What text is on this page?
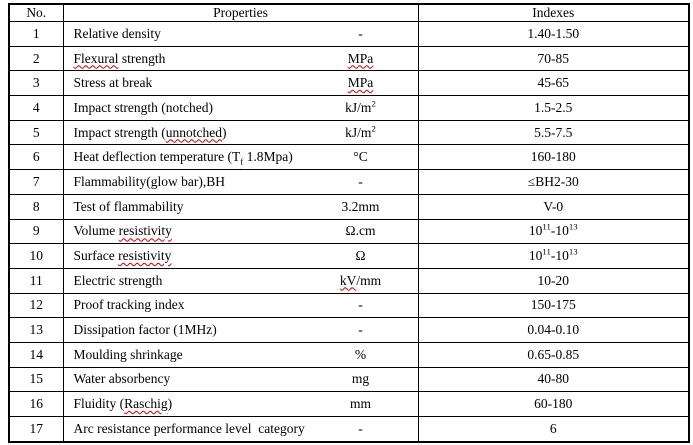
No.	Properties	Indexes
1	Relative density -	1.40-1.50
2	Flexural strength MPa	70-85
3	Stress at break MPa	45-65
4	Impact strength (notched) $kJ/m^2$	1.5-2.5
5	Impact strength (unnotched) $kJ/m^2$	5.5-7.5
6	Heat deflection temperature ($T_f$ 1.8Mpa) °C	160-180
7	Flammability(glow bar),BH -	≤BH2-30
8	Test of flammability 3.2mm	V-0
9	Volume resistivity Ω.cm	$10^{11}-10^{13}$
10	Surface resistivity Ω	$10^{11}-10^{13}$
11	Electric strength kV/mm	10-20
12	Proof tracking index -	150-175
13	Dissipation factor (1MHz) -	0.04-0.10
14	Moulding shrinkage %	0.65-0.85
15	Water absorbency mg	40-80
16	Fluidity (Raschig) mm	60-180
17	Arc resistance performance level  category -	6
